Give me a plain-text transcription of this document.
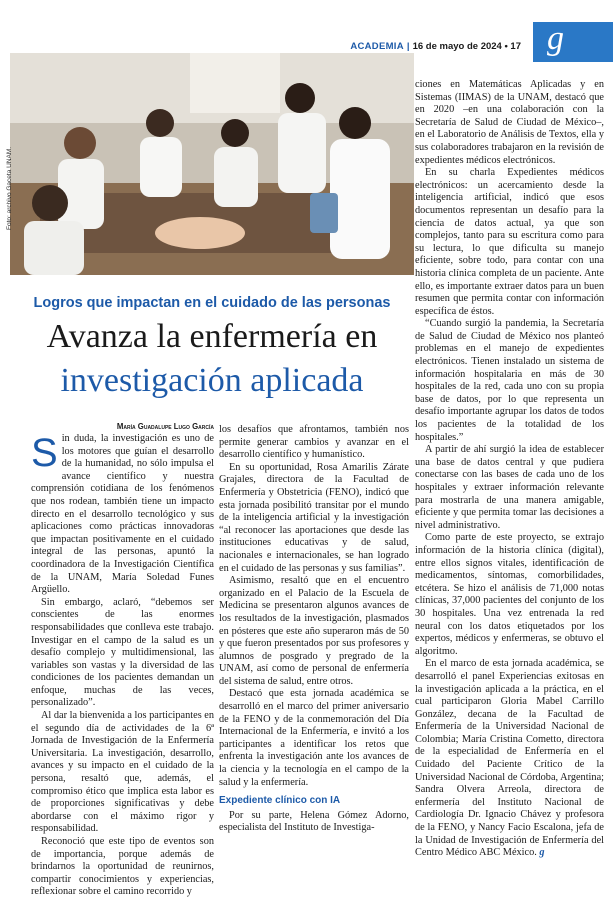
ACADEMIA | 16 de mayo de 2024 • 17 g
Foto: archivo Gaceta UNAM.
Logros que impactan en el cuidado de las personas
Avanza la enfermería en
investigación aplicada
María Guadalupe Lugo García

Sin duda, la investigación es uno de los motores que guían el desarrollo de la humanidad, no sólo impulsa el avance científico y nuestra comprensión cotidiana de los fenómenos que nos rodean, también tiene un impacto directo en el desarrollo tecnológico y sus aplicaciones como prácticas innovadoras que impactan positivamente en el cuidado integral de las personas, apuntó la coordinadora de la Investigación Científica de la UNAM, María Soledad Funes Argüello.

Sin embargo, aclaró, “debemos ser conscientes de las enormes responsabilidades que conlleva este trabajo. Investigar en el campo de la salud es un desafío complejo y multidimensional, las variables son vastas y la diversidad de las condiciones de los pacientes demandan un enfoque, muchas de las veces, personalizado”.

Al dar la bienvenida a los participantes en el segundo día de actividades de la 6ª Jornada de Investigación de la Enfermería Universitaria. La investigación, desarrollo, avances y su impacto en el cuidado de la persona, resaltó que, además, el compromiso ético que implica esta labor es de proporciones significativas y debe abordarse con el máximo rigor y responsabilidad.

Reconoció que este tipo de eventos son de importancia, porque además de brindarnos la oportunidad de reunirnos, compartir conocimientos y experiencias, reflexionar sobre el camino recorrido y

los desafíos que afrontamos, también nos permite generar cambios y avanzar en el desarrollo científico y humanístico.

En su oportunidad, Rosa Amarilis Zárate Grajales, directora de la Facultad de Enfermería y Obstetricia (FENO), indicó que esta jornada posibilitó transitar por el mundo de la inteligencia artificial y la investigación “al reconocer las aportaciones que desde las instituciones educativas y de salud, nacionales e internacionales, se han logrado en el cuidado de las personas y sus familias”.

Asimismo, resaltó que en el encuentro organizado en el Palacio de la Escuela de Medicina se presentaron algunos avances de los resultados de la investigación, plasmados en pósteres que este año superaron más de 50 y que fueron presentados por sus profesores y alumnos de posgrado y pregrado de la UNAM, así como de personal de enfermería del sistema de salud, entre otros.

Destacó que esta jornada académica se desarrolló en el marco del primer aniversario de la FENO y de la conmemoración del Día Internacional de la Enfermería, e invitó a los participantes a identificar los retos que enfrenta la investigación ante los avances de la ciencia y la tecnología en el campo de la salud y la enfermería.

Expediente clínico con IA

Por su parte, Helena Gómez Adorno, especialista del Instituto de Investiga-

ciones en Matemáticas Aplicadas y en Sistemas (IIMAS) de la UNAM, destacó que en 2020 –en una colaboración con la Secretaría de Salud de Ciudad de México–, en el Laboratorio de Análisis de Textos, ella y sus colaboradores trabajaron en la revisión de expedientes médicos electrónicos.

En su charla Expedientes médicos electrónicos: un acercamiento desde la inteligencia artificial, indicó que esos documentos representan un desafío para la ciencia de datos actual, ya que son complejos, tanto para su escritura como para su lectura, lo que dificulta su manejo eficiente, sobre todo, para contar con una historia clínica completa de un paciente. Ante ello, es importante extraer datos para un buen resumen que permita contar con información específica de éstos.

“Cuando surgió la pandemia, la Secretaría de Salud de Ciudad de México nos planteó problemas en el manejo de expedientes electrónicos. Tienen instalado un sistema de información hospitalaria en más de 30 hospitales de la red, cada uno con su propia base de datos, por lo que representa un desafío importante agrupar los datos de todos los pacientes de la totalidad de los hospitales.”

A partir de ahí surgió la idea de establecer una base de datos central y que pudiera conectarse con las bases de cada uno de los hospitales y extraer información relevante para mostrarla de una manera amigable, eficiente y que permita tomar las decisiones a nivel administrativo.

Como parte de este proyecto, se extrajo información de la historia clínica (digital), entre ellos signos vitales, identificación de medicamentos, síntomas, comorbilidades, etcétera. Se hizo el análisis de 71,000 notas clínicas, 37,000 pacientes del conjunto de los 30 hospitales. Una vez entrenada la red neural con los datos etiquetados por los expertos, médicos y enfermeras, se obtuvo el algoritmo.

En el marco de esta jornada académica, se desarrolló el panel Experiencias exitosas en la investigación aplicada a la práctica, en el cual participaron Gloria Mabel Carrillo González, decana de la Facultad de Enfermería de la Universidad Nacional de Colombia; María Cristina Cometto, directora de la especialidad de Enfermería en el Cuidado del Paciente Crítico de la Universidad Nacional de Córdoba, Argentina; Sandra Olvera Arreola, directora de enfermería del Instituto Nacional de Cardiología Dr. Ignacio Chávez y profesora de la FENO, y Nancy Facio Escalona, jefa de la Unidad de Investigación de Enfermería del Centro Médico ABC México. g
